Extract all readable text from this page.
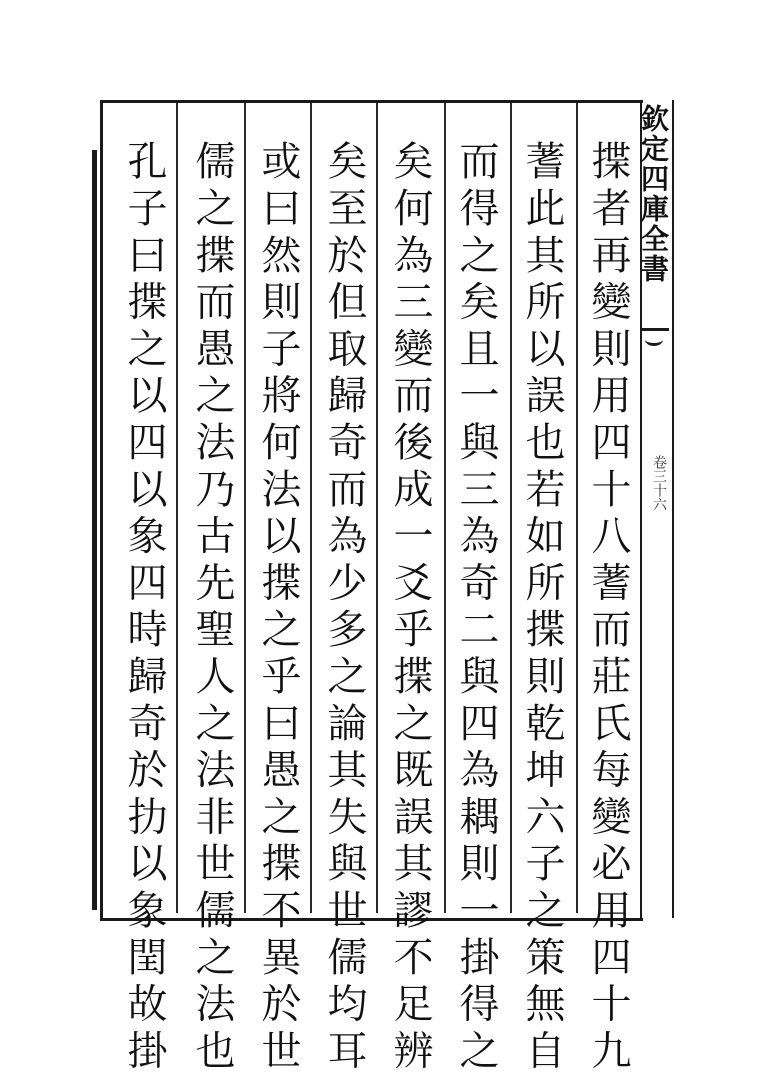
欽定四庫全書
卷三十六
揲者再變則用四十八蓍而莊氏每變必用四十九
蓍此其所以誤也若如所揲則乾坤六子之策無自
而得之矣且一與三為奇二與四為耦則一掛得之
矣何為三變而後成一爻乎揲之既誤其謬不足辨
矣至於但取歸奇而為少多之論其失與世儒均耳
或曰然則子將何法以揲之乎曰愚之揲不異於世
儒之揲而愚之法乃古先聖人之法非世儒之法也
孔子曰揲之以四以象四時歸奇於扐以象閏故掛
